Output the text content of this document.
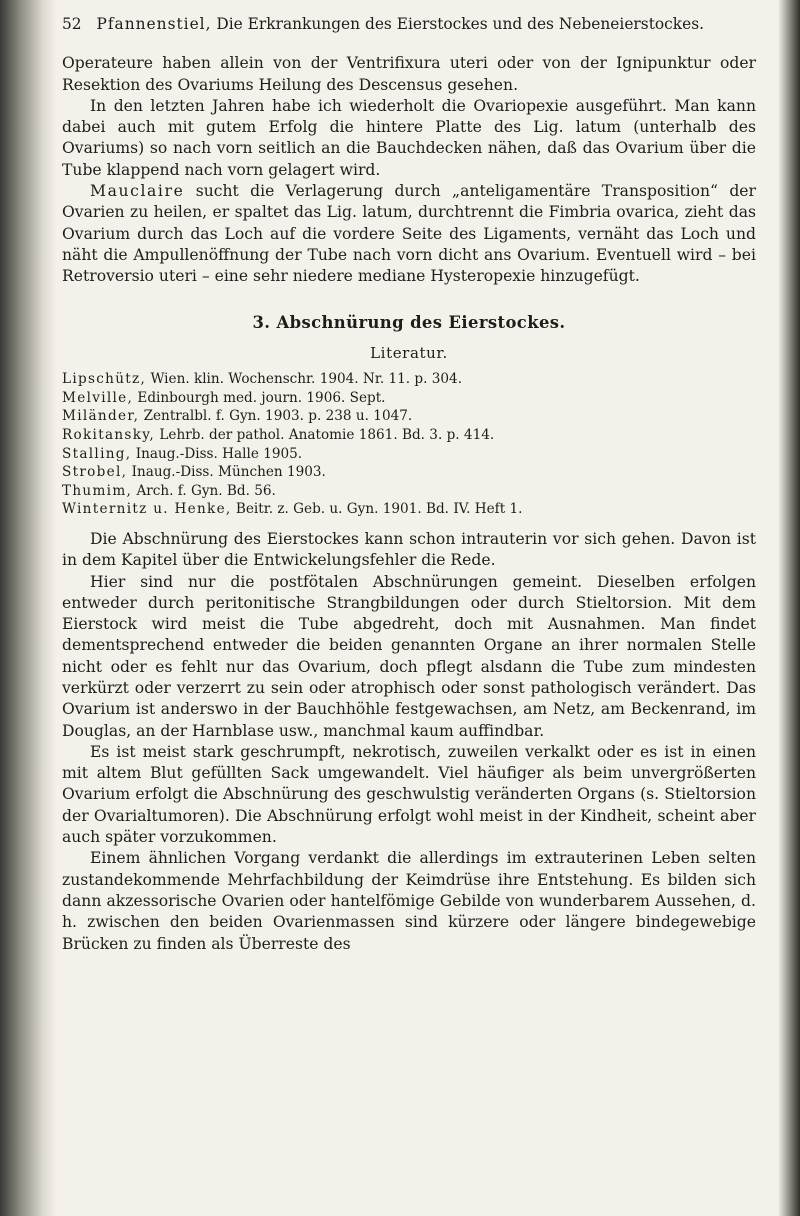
52 Pfannenstiel, Die Erkrankungen des Eierstockes und des Nebeneierstockes.

Operateure haben allein von der Ventrifixura uteri oder von der Ignipunktur oder Resektion des Ovariums Heilung des Descensus gesehen.

In den letzten Jahren habe ich wiederholt die Ovariopexie ausgeführt. Man kann dabei auch mit gutem Erfolg die hintere Platte des Lig. latum (unterhalb des Ovariums) so nach vorn seitlich an die Bauchdecken nähen, daß das Ovarium über die Tube klappend nach vorn gelagert wird.

Mauclaire sucht die Verlagerung durch „anteligamentäre Transposition“ der Ovarien zu heilen, er spaltet das Lig. latum, durchtrennt die Fimbria ovarica, zieht das Ovarium durch das Loch auf die vordere Seite des Ligaments, vernäht das Loch und näht die Ampullenöffnung der Tube nach vorn dicht ans Ovarium. Eventuell wird – bei Retroversio uteri – eine sehr niedere mediane Hysteropexie hinzugefügt.

3. Abschnürung des Eierstockes.
Literatur.
Lipschütz, Wien. klin. Wochenschr. 1904. Nr. 11. p. 304.
Melville, Edinbourgh med. journ. 1906. Sept.
Miländer, Zentralbl. f. Gyn. 1903. p. 238 u. 1047.
Rokitansky, Lehrb. der pathol. Anatomie 1861. Bd. 3. p. 414.
Stalling, Inaug.-Diss. Halle 1905.
Strobel, Inaug.-Diss. München 1903.
Thumim, Arch. f. Gyn. Bd. 56.
Winternitz u. Henke, Beitr. z. Geb. u. Gyn. 1901. Bd. IV. Heft 1.

Die Abschnürung des Eierstockes kann schon intrauterin vor sich gehen. Davon ist in dem Kapitel über die Entwickelungsfehler die Rede.

Hier sind nur die postfötalen Abschnürungen gemeint. Dieselben erfolgen entweder durch peritonitische Strangbildungen oder durch Stieltorsion. Mit dem Eierstock wird meist die Tube abgedreht, doch mit Ausnahmen. Man findet dementsprechend entweder die beiden genannten Organe an ihrer normalen Stelle nicht oder es fehlt nur das Ovarium, doch pflegt alsdann die Tube zum mindesten verkürzt oder verzerrt zu sein oder atrophisch oder sonst pathologisch verändert. Das Ovarium ist anderswo in der Bauchhöhle festgewachsen, am Netz, am Beckenrand, im Douglas, an der Harnblase usw., manchmal kaum auffindbar.

Es ist meist stark geschrumpft, nekrotisch, zuweilen verkalkt oder es ist in einen mit altem Blut gefüllten Sack umgewandelt. Viel häufiger als beim unvergrößerten Ovarium erfolgt die Abschnürung des geschwulstig veränderten Organs (s. Stieltorsion der Ovarialtumoren). Die Abschnürung erfolgt wohl meist in der Kindheit, scheint aber auch später vorzukommen.

Einem ähnlichen Vorgang verdankt die allerdings im extrauterinen Leben selten zustandekommende Mehrfachbildung der Keimdrüse ihre Entstehung. Es bilden sich dann akzessorische Ovarien oder hantelfömige Gebilde von wunderbarem Aussehen, d. h. zwischen den beiden Ovarienmassen sind kürzere oder längere bindegewebige Brücken zu finden als Überreste des
